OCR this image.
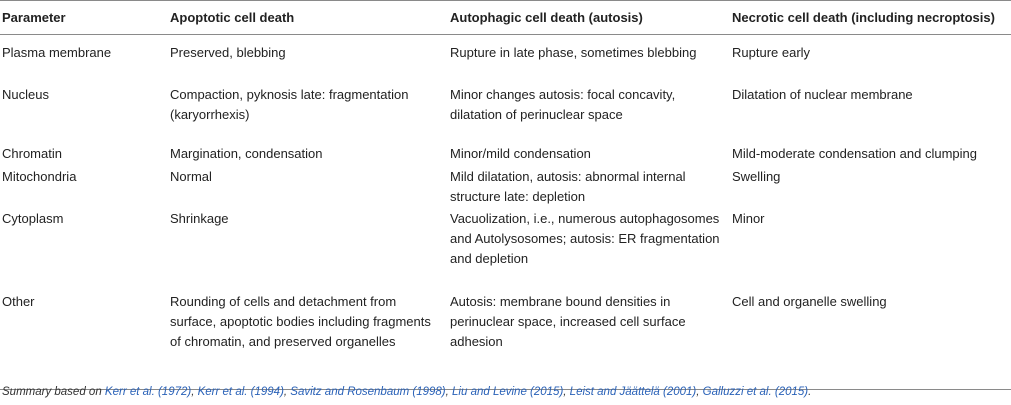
Parameter	Apoptotic cell death	Autophagic cell death (autosis)	Necrotic cell death (including necroptosis)
Plasma membrane	Preserved, blebbing	Rupture in late phase, sometimes blebbing	Rupture early
Nucleus	Compaction, pyknosis late: fragmentation (karyorrhexis)	Minor changes autosis: focal concavity, dilatation of perinuclear space	Dilatation of nuclear membrane
Chromatin	Margination, condensation	Minor/mild condensation	Mild-moderate condensation and clumping
Mitochondria	Normal	Mild dilatation, autosis: abnormal internal structure late: depletion	Swelling
Cytoplasm	Shrinkage	Vacuolization, i.e., numerous autophagosomes and Autolysosomes; autosis: ER fragmentation and depletion	Minor
Other	Rounding of cells and detachment from surface, apoptotic bodies including fragments of chromatin, and preserved organelles	Autosis: membrane bound densities in perinuclear space, increased cell surface adhesion	Cell and organelle swelling
Summary based on Kerr et al. (1972), Kerr et al. (1994), Savitz and Rosenbaum (1998), Liu and Levine (2015), Leist and Jäättelä (2001), Galluzzi et al. (2015).
